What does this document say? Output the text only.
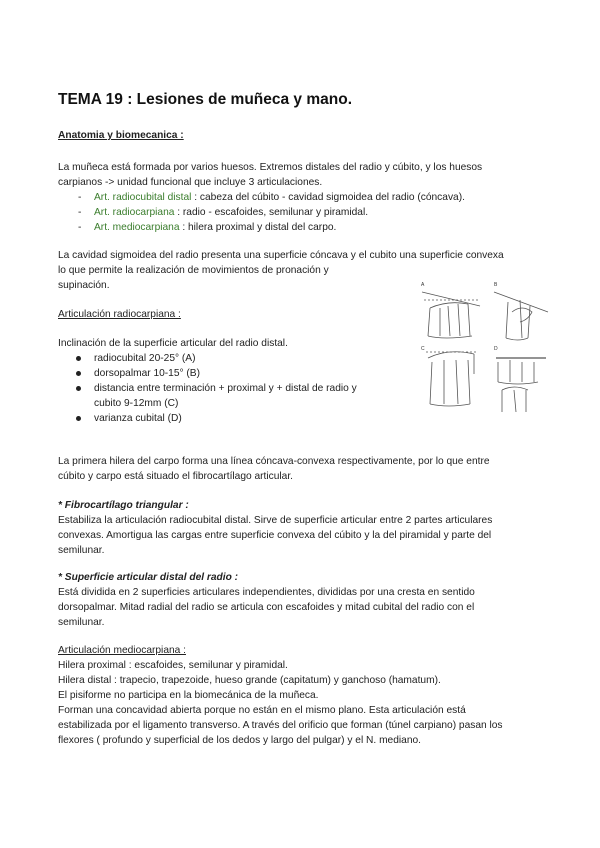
TEMA 19 : Lesiones de muñeca y mano.
Anatomia y biomecanica :
La muñeca está formada por varios huesos. Extremos distales del radio y cúbito, y los huesos
carpianos -> unidad funcional que incluye 3 articulaciones.
- Art. radiocubital distal : cabeza del cúbito - cavidad sigmoidea del radio (cóncava).
- Art. radiocarpiana : radio - escafoides, semilunar y piramidal.
- Art. mediocarpiana : hilera proximal y distal del carpo.
La cavidad sigmoidea del radio presenta una superficie cóncava y el cubito una superficie convexa
lo que permite la realización de movimientos de pronación y
supinación.
Articulación radiocarpiana :
Inclinación de la superficie articular del radio distal.
radiocubital 20-25° (A)
dorsopalmar 10-15° (B)
distancia entre terminación + proximal y + distal de radio y
cubito 9-12mm (C)
varianza cubital (D)
A	B
C	D
La primera hilera del carpo forma una línea cóncava-convexa respectivamente, por lo que entre
cúbito y carpo está situado el fibrocartílago articular.
* Fibrocartílago triangular :
Estabiliza la articulación radiocubital distal. Sirve de superficie articular entre 2 partes articulares
convexas. Amortigua las cargas entre superficie convexa del cúbito y la del piramidal y parte del
semilunar.
* Superficie articular distal del radio :
Está dividida en 2 superficies articulares independientes, divididas por una cresta en sentido
dorsopalmar. Mitad radial del radio se articula con escafoides y mitad cubital del radio con el
semilunar.
Articulación mediocarpiana :
Hilera proximal : escafoides, semilunar y piramidal.
Hilera distal : trapecio, trapezoide, hueso grande (capitatum) y ganchoso (hamatum).
El pisiforme no participa en la biomecánica de la muñeca.
Forman una concavidad abierta porque no están en el mismo plano. Esta articulación está
estabilizada por el ligamento transverso. A través del orificio que forman (túnel carpiano) pasan los
flexores ( profundo y superficial de los dedos y largo del pulgar) y el N. mediano.
